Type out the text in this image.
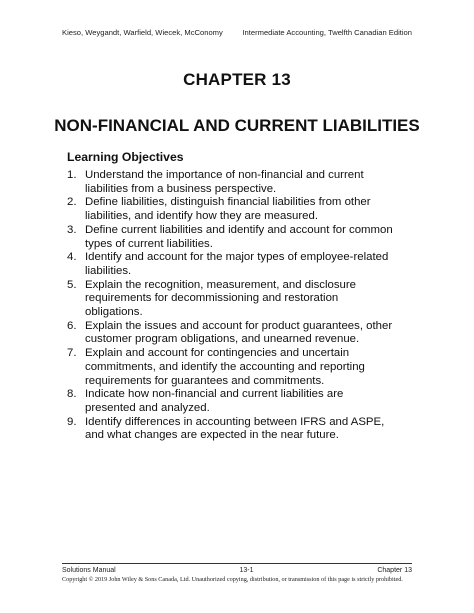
Kieso, Weygandt, Warfield, Wiecek, McConomy	Intermediate Accounting, Twelfth Canadian Edition
CHAPTER 13
NON-FINANCIAL AND CURRENT LIABILITIES
Learning Objectives
1. Understand the importance of non-financial and current liabilities from a business perspective.
2. Define liabilities, distinguish financial liabilities from other liabilities, and identify how they are measured.
3. Define current liabilities and identify and account for common types of current liabilities.
4. Identify and account for the major types of employee-related liabilities.
5. Explain the recognition, measurement, and disclosure requirements for decommissioning and restoration obligations.
6. Explain the issues and account for product guarantees, other customer program obligations, and unearned revenue.
7. Explain and account for contingencies and uncertain commitments, and identify the accounting and reporting requirements for guarantees and commitments.
8. Indicate how non-financial and current liabilities are presented and analyzed.
9. Identify differences in accounting between IFRS and ASPE, and what changes are expected in the near future.
Solutions Manual	13-1	Chapter 13
Copyright © 2019 John Wiley & Sons Canada, Ltd. Unauthorized copying, distribution, or transmission of this page is strictly prohibited.
